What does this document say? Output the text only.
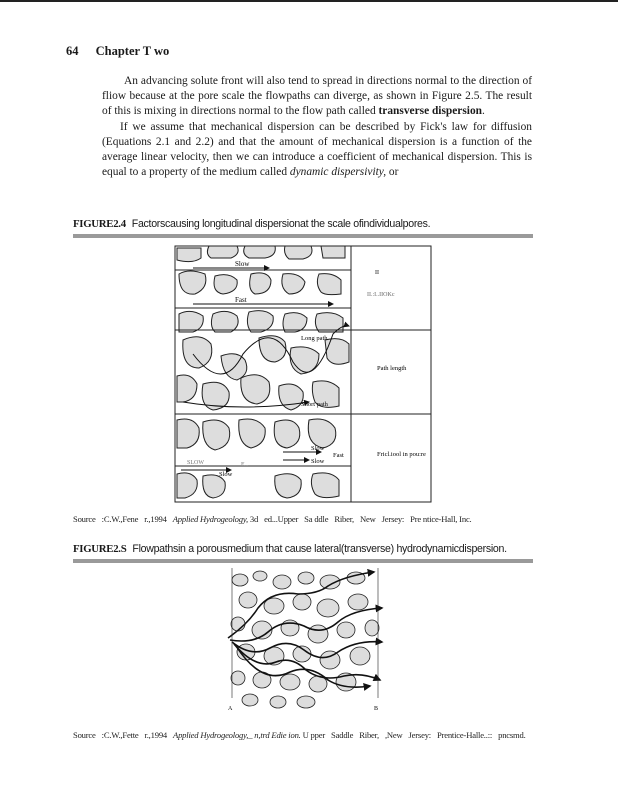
64 Chapter T wo

An advancing solute front will also tend to spread in directions normal to the direction of fliow because at the pore scale the flowpaths can diverge, as shown in Figure 2.5. The result of this is mixing in directions normal to the flow path called transverse dispersion.

If we assume that mechanical dispersion can be described by Fick's law for diffusion (Equations 2.1 and 2.2) and that the amount of mechanical dispersion is a function of the average linear velocity, then we can introduce a coefficient of mechanical dispersion. This is equal to a property of the medium called dynamic dispersivity, or

FIGURE2.4 Factorscausing longitudinal dispersionat the scale ofindividualpores.
Slow
Fast
II
II.:I..IIOKc
Long path
Short path
Path length
Slow
Slow
Fast
SLOW
Slow
F...
Fricl.iool in pou:re
Source :C.W.,Fene r.,1994 Applied Hydrogeology, 3d ed...Upper Sa ddle Riber, New Jersey: Pre ntice-Hall, Inc.
FIGURE2.S Flowpathsin a porousmedium that cause lateral(transverse) hydrodynamicdispersion.
A	B
Source :C.W.,Fette r.,1994 Applied Hydrogeology,_ n,trd Edie ion. U pper Saddle Riber, ,New Jersey: Prentice-Halle..:: pncsmd.
